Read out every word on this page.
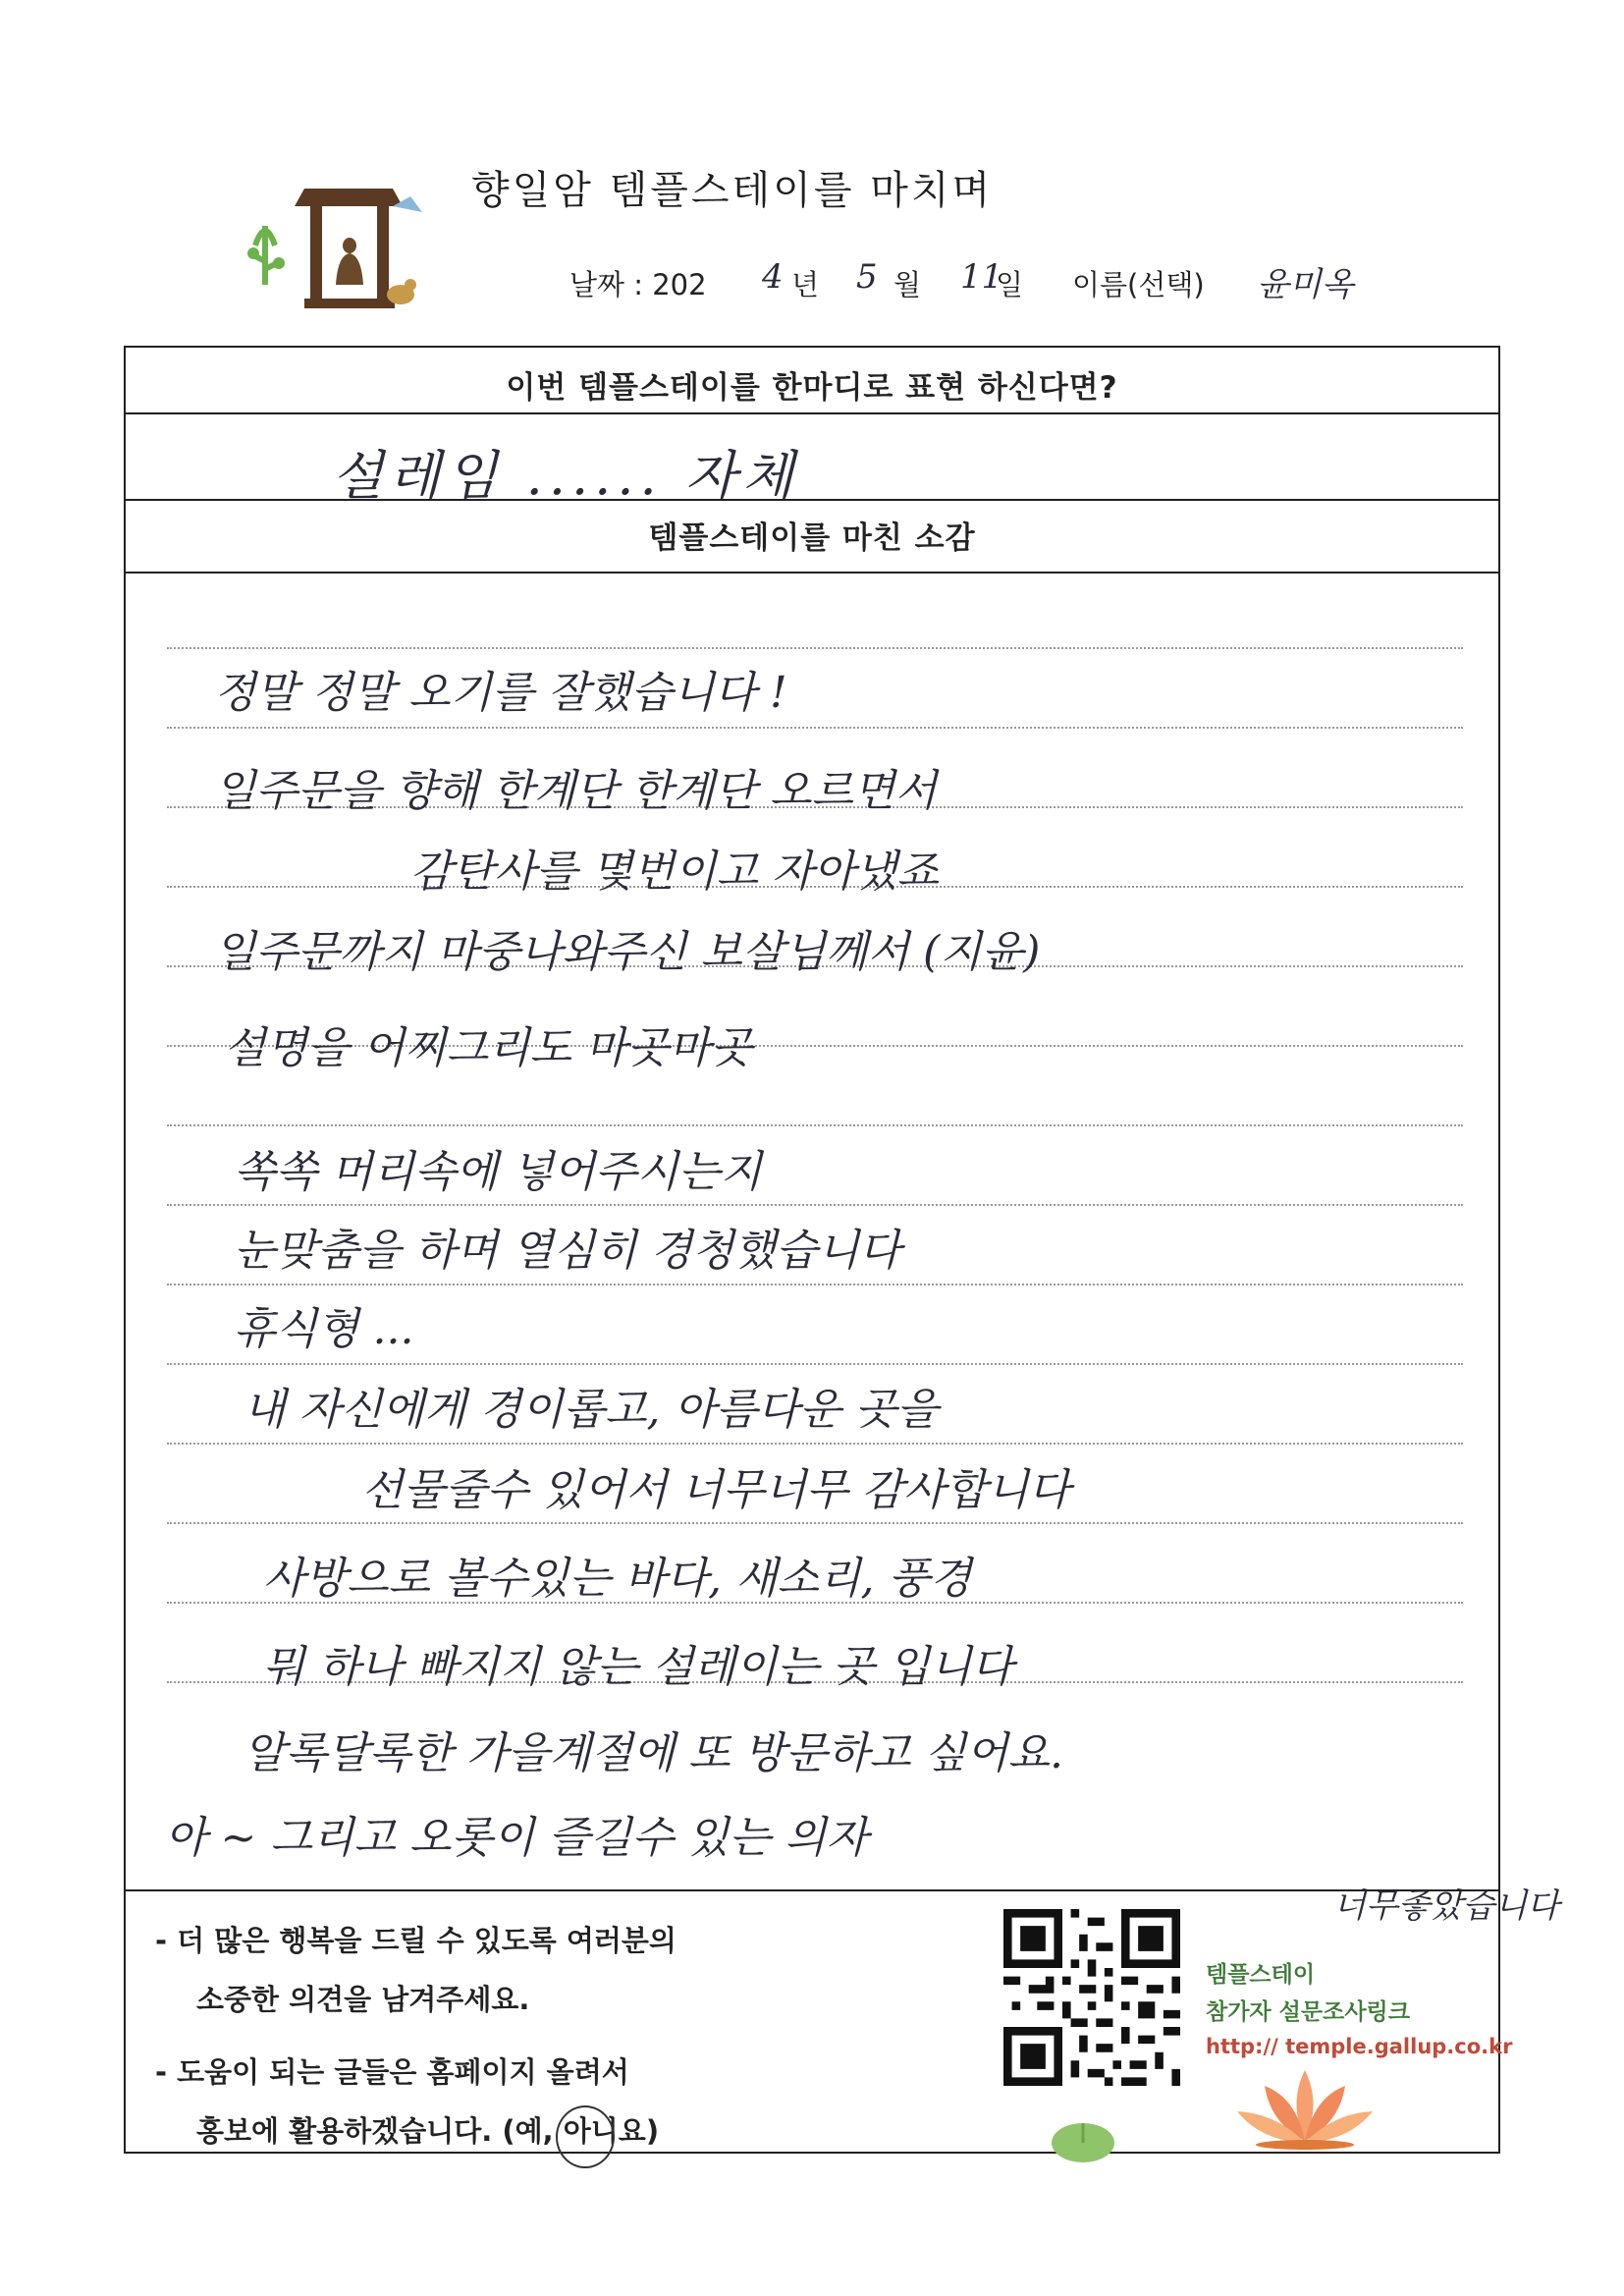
향일암 템플스테이를 마치며
날짜 : 202 4 년 5 월 11
일 이름(선택) 윤미옥
이번 템플스테이를 한마디로 표현 하신다면?
설레임 ...... 자체
템플스테이를 마친 소감
정말 정말 오기를 잘했습니다 !
일주문을 향해 한계단 한계단 오르면서
감탄사를 몇번이고 자아냈죠
일주문까지 마중나와주신 보살님께서 (지윤)
설명을 어찌그리도 마곳마곳
쏙쏙 머리속에 넣어주시는지
눈맞춤을 하며 열심히 경청했습니다
휴식형 ...
내 자신에게 경이롭고, 아름다운 곳을
선물줄수 있어서 너무너무 감사합니다
사방으로 볼수있는 바다, 새소리, 풍경
뭐 하나 빠지지 않는 설레이는 곳 입니다
알록달록한 가을계절에 또 방문하고 싶어요.
아 ~ 그리고 오롯이 즐길수 있는 의자
너무좋았습니다
- 더 많은 행복을 드릴 수 있도록 여러분의
소중한 의견을 남겨주세요.
- 도움이 되는 글들은 홈페이지 올려서
홍보에 활용하겠습니다. (예, 아니요)
템플스테이
참가자 설문조사링크
http:// temple.gallup.co.kr
